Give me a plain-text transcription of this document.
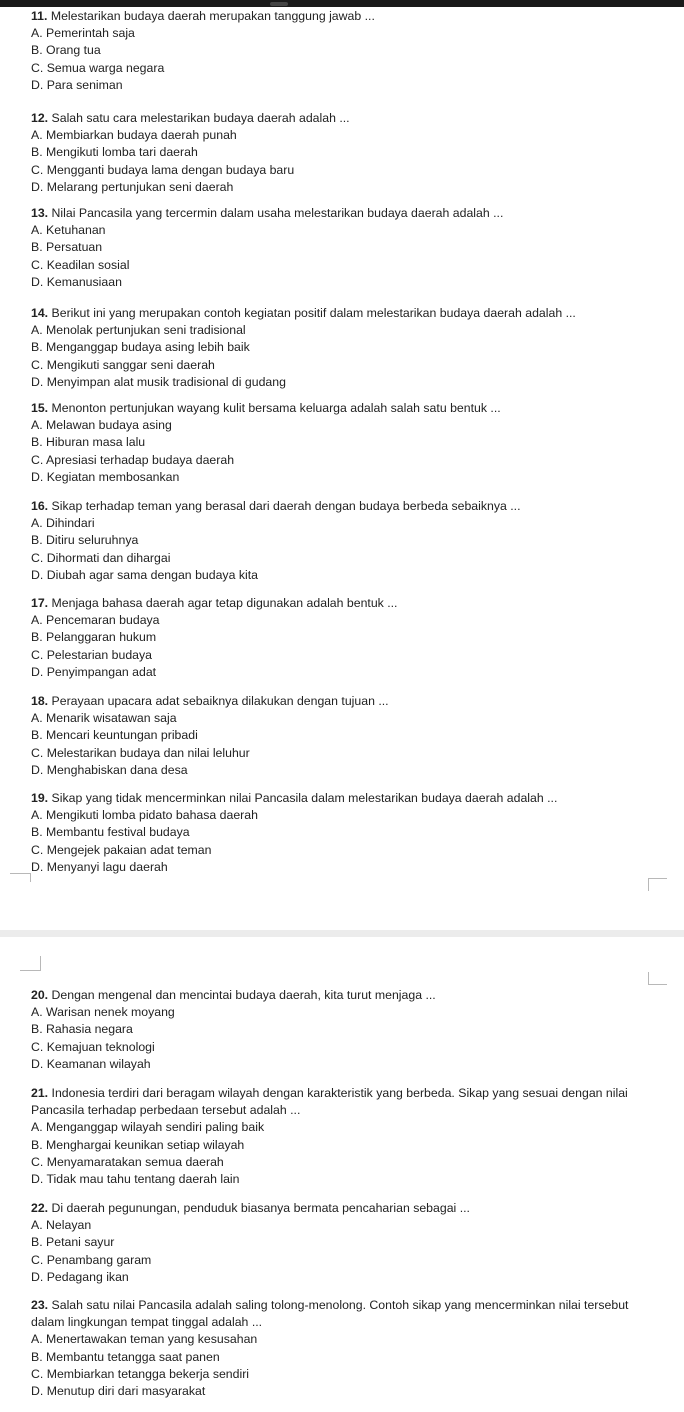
11. Melestarikan budaya daerah merupakan tanggung jawab ...
A. Pemerintah saja
B. Orang tua
C. Semua warga negara
D. Para seniman
12. Salah satu cara melestarikan budaya daerah adalah ...
A. Membiarkan budaya daerah punah
B. Mengikuti lomba tari daerah
C. Mengganti budaya lama dengan budaya baru
D. Melarang pertunjukan seni daerah
13. Nilai Pancasila yang tercermin dalam usaha melestarikan budaya daerah adalah ...
A. Ketuhanan
B. Persatuan
C. Keadilan sosial
D. Kemanusiaan
14. Berikut ini yang merupakan contoh kegiatan positif dalam melestarikan budaya daerah adalah ...
A. Menolak pertunjukan seni tradisional
B. Menganggap budaya asing lebih baik
C. Mengikuti sanggar seni daerah
D. Menyimpan alat musik tradisional di gudang
15. Menonton pertunjukan wayang kulit bersama keluarga adalah salah satu bentuk ...
A. Melawan budaya asing
B. Hiburan masa lalu
C. Apresiasi terhadap budaya daerah
D. Kegiatan membosankan
16. Sikap terhadap teman yang berasal dari daerah dengan budaya berbeda sebaiknya ...
A. Dihindari
B. Ditiru seluruhnya
C. Dihormati dan dihargai
D. Diubah agar sama dengan budaya kita
17. Menjaga bahasa daerah agar tetap digunakan adalah bentuk ...
A. Pencemaran budaya
B. Pelanggaran hukum
C. Pelestarian budaya
D. Penyimpangan adat
18. Perayaan upacara adat sebaiknya dilakukan dengan tujuan ...
A. Menarik wisatawan saja
B. Mencari keuntungan pribadi
C. Melestarikan budaya dan nilai leluhur
D. Menghabiskan dana desa
19. Sikap yang tidak mencerminkan nilai Pancasila dalam melestarikan budaya daerah adalah ...
A. Mengikuti lomba pidato bahasa daerah
B. Membantu festival budaya
C. Mengejek pakaian adat teman
D. Menyanyi lagu daerah
20. Dengan mengenal dan mencintai budaya daerah, kita turut menjaga ...
A. Warisan nenek moyang
B. Rahasia negara
C. Kemajuan teknologi
D. Keamanan wilayah
21. Indonesia terdiri dari beragam wilayah dengan karakteristik yang berbeda. Sikap yang sesuai dengan nilai Pancasila terhadap perbedaan tersebut adalah ...
A. Menganggap wilayah sendiri paling baik
B. Menghargai keunikan setiap wilayah
C. Menyamaratakan semua daerah
D. Tidak mau tahu tentang daerah lain
22. Di daerah pegunungan, penduduk biasanya bermata pencaharian sebagai ...
A. Nelayan
B. Petani sayur
C. Penambang garam
D. Pedagang ikan
23. Salah satu nilai Pancasila adalah saling tolong-menolong. Contoh sikap yang mencerminkan nilai tersebut dalam lingkungan tempat tinggal adalah ...
A. Menertawakan teman yang kesusahan
B. Membantu tetangga saat panen
C. Membiarkan tetangga bekerja sendiri
D. Menutup diri dari masyarakat
